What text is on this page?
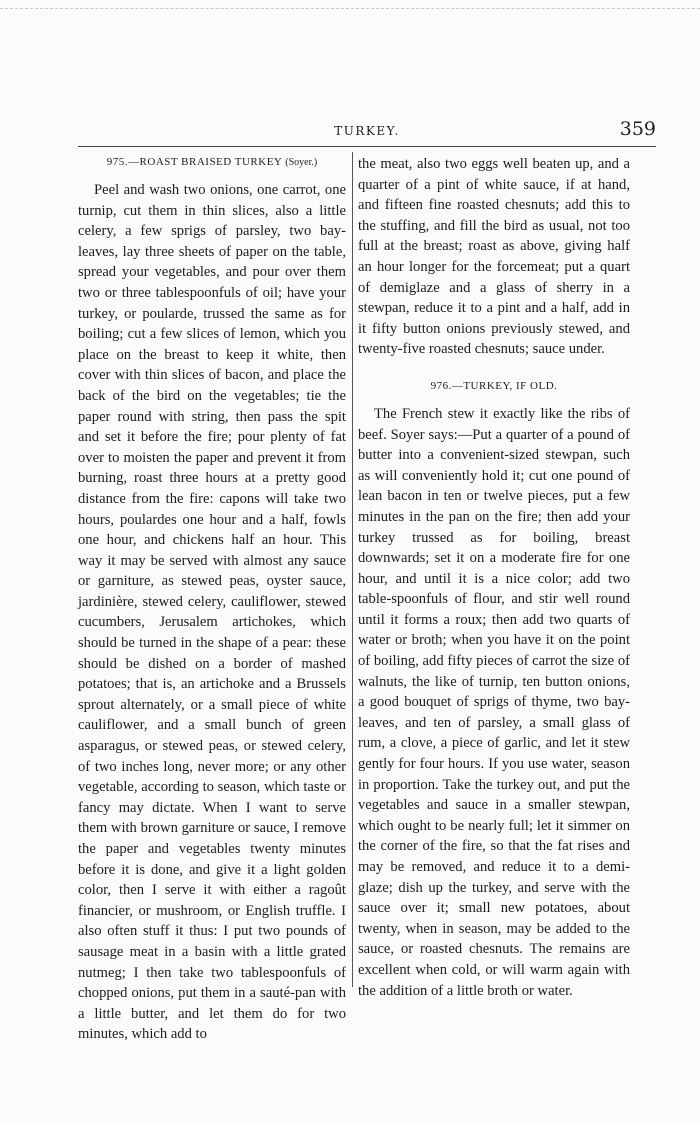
TURKEY.	359
975.—ROAST BRAISED TURKEY (Soyer.)

Peel and wash two onions, one carrot, one turnip, cut them in thin slices, also a little celery, a few sprigs of parsley, two bay-leaves, lay three sheets of paper on the table, spread your vegetables, and pour over them two or three tablespoonfuls of oil; have your turkey, or poularde, trussed the same as for boiling; cut a few slices of lemon, which you place on the breast to keep it white, then cover with thin slices of bacon, and place the back of the bird on the vegetables; tie the paper round with string, then pass the spit and set it before the fire; pour plenty of fat over to moisten the paper and prevent it from burning, roast three hours at a pretty good distance from the fire: capons will take two hours, poulardes one hour and a half, fowls one hour, and chickens half an hour. This way it may be served with almost any sauce or garniture, as stewed peas, oyster sauce, jardinière, stewed celery, cauliflower, stewed cucumbers, Jerusalem artichokes, which should be turned in the shape of a pear: these should be dished on a border of mashed potatoes; that is, an artichoke and a Brussels sprout alternately, or a small piece of white cauliflower, and a small bunch of green asparagus, or stewed peas, or stewed celery, of two inches long, never more; or any other vegetable, according to season, which taste or fancy may dictate. When I want to serve them with brown garniture or sauce, I remove the paper and vegetables twenty minutes before it is done, and give it a light golden color, then I serve it with either a ragoût financier, or mushroom, or English truffle. I also often stuff it thus: I put two pounds of sausage meat in a basin with a little grated nutmeg; I then take two tablespoonfuls of chopped onions, put them in a sauté-pan with a little butter, and let them do for two minutes, which add to

the meat, also two eggs well beaten up, and a quarter of a pint of white sauce, if at hand, and fifteen fine roasted chesnuts; add this to the stuffing, and fill the bird as usual, not too full at the breast; roast as above, giving half an hour longer for the forcemeat; put a quart of demiglaze and a glass of sherry in a stewpan, reduce it to a pint and a half, add in it fifty button onions previously stewed, and twenty-five roasted chesnuts; sauce under.

976.—TURKEY, IF OLD.

The French stew it exactly like the ribs of beef. Soyer says:—Put a quarter of a pound of butter into a convenient-sized stewpan, such as will conveniently hold it; cut one pound of lean bacon in ten or twelve pieces, put a few minutes in the pan on the fire; then add your turkey trussed as for boiling, breast downwards; set it on a moderate fire for one hour, and until it is a nice color; add two table-spoonfuls of flour, and stir well round until it forms a roux; then add two quarts of water or broth; when you have it on the point of boiling, add fifty pieces of carrot the size of walnuts, the like of turnip, ten button onions, a good bouquet of sprigs of thyme, two bay-leaves, and ten of parsley, a small glass of rum, a clove, a piece of garlic, and let it stew gently for four hours. If you use water, season in proportion. Take the turkey out, and put the vegetables and sauce in a smaller stewpan, which ought to be nearly full; let it simmer on the corner of the fire, so that the fat rises and may be removed, and reduce it to a demi-glaze; dish up the turkey, and serve with the sauce over it; small new potatoes, about twenty, when in season, may be added to the sauce, or roasted chesnuts. The remains are excellent when cold, or will warm again with the addition of a little broth or water.
